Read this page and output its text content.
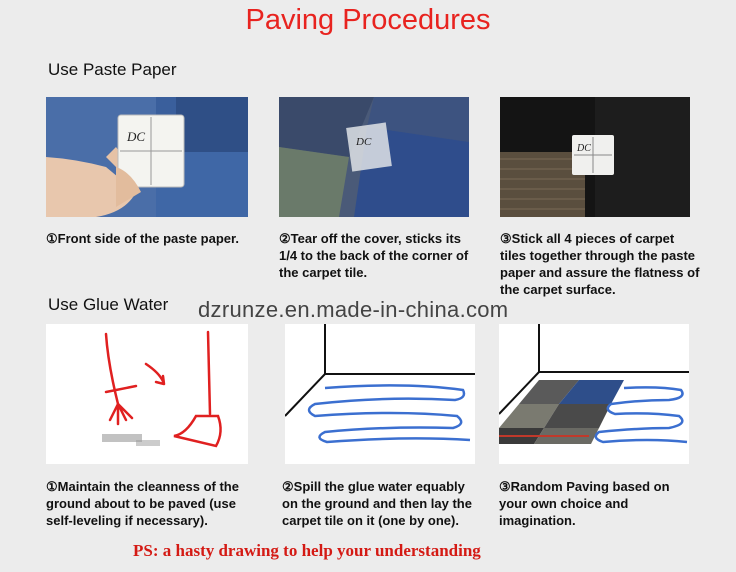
Paving Procedures
Use Paste Paper
DC
①Front side of the paste paper.
DC
②Tear off the cover, sticks its 1/4 to the back of the corner of the carpet tile.
DC
③Stick all 4 pieces of carpet tiles together through the paste paper and assure the flatness of the carpet surface.
Use Glue Water dzrunze.en.made-in-china.com
①Maintain the cleanness of the ground about to be paved (use self-leveling if necessary).
②Spill the glue water equably on the ground and then lay the carpet tile on it (one by one).
③Random Paving based on your own choice and imagination.
PS: a hasty drawing to help your understanding
